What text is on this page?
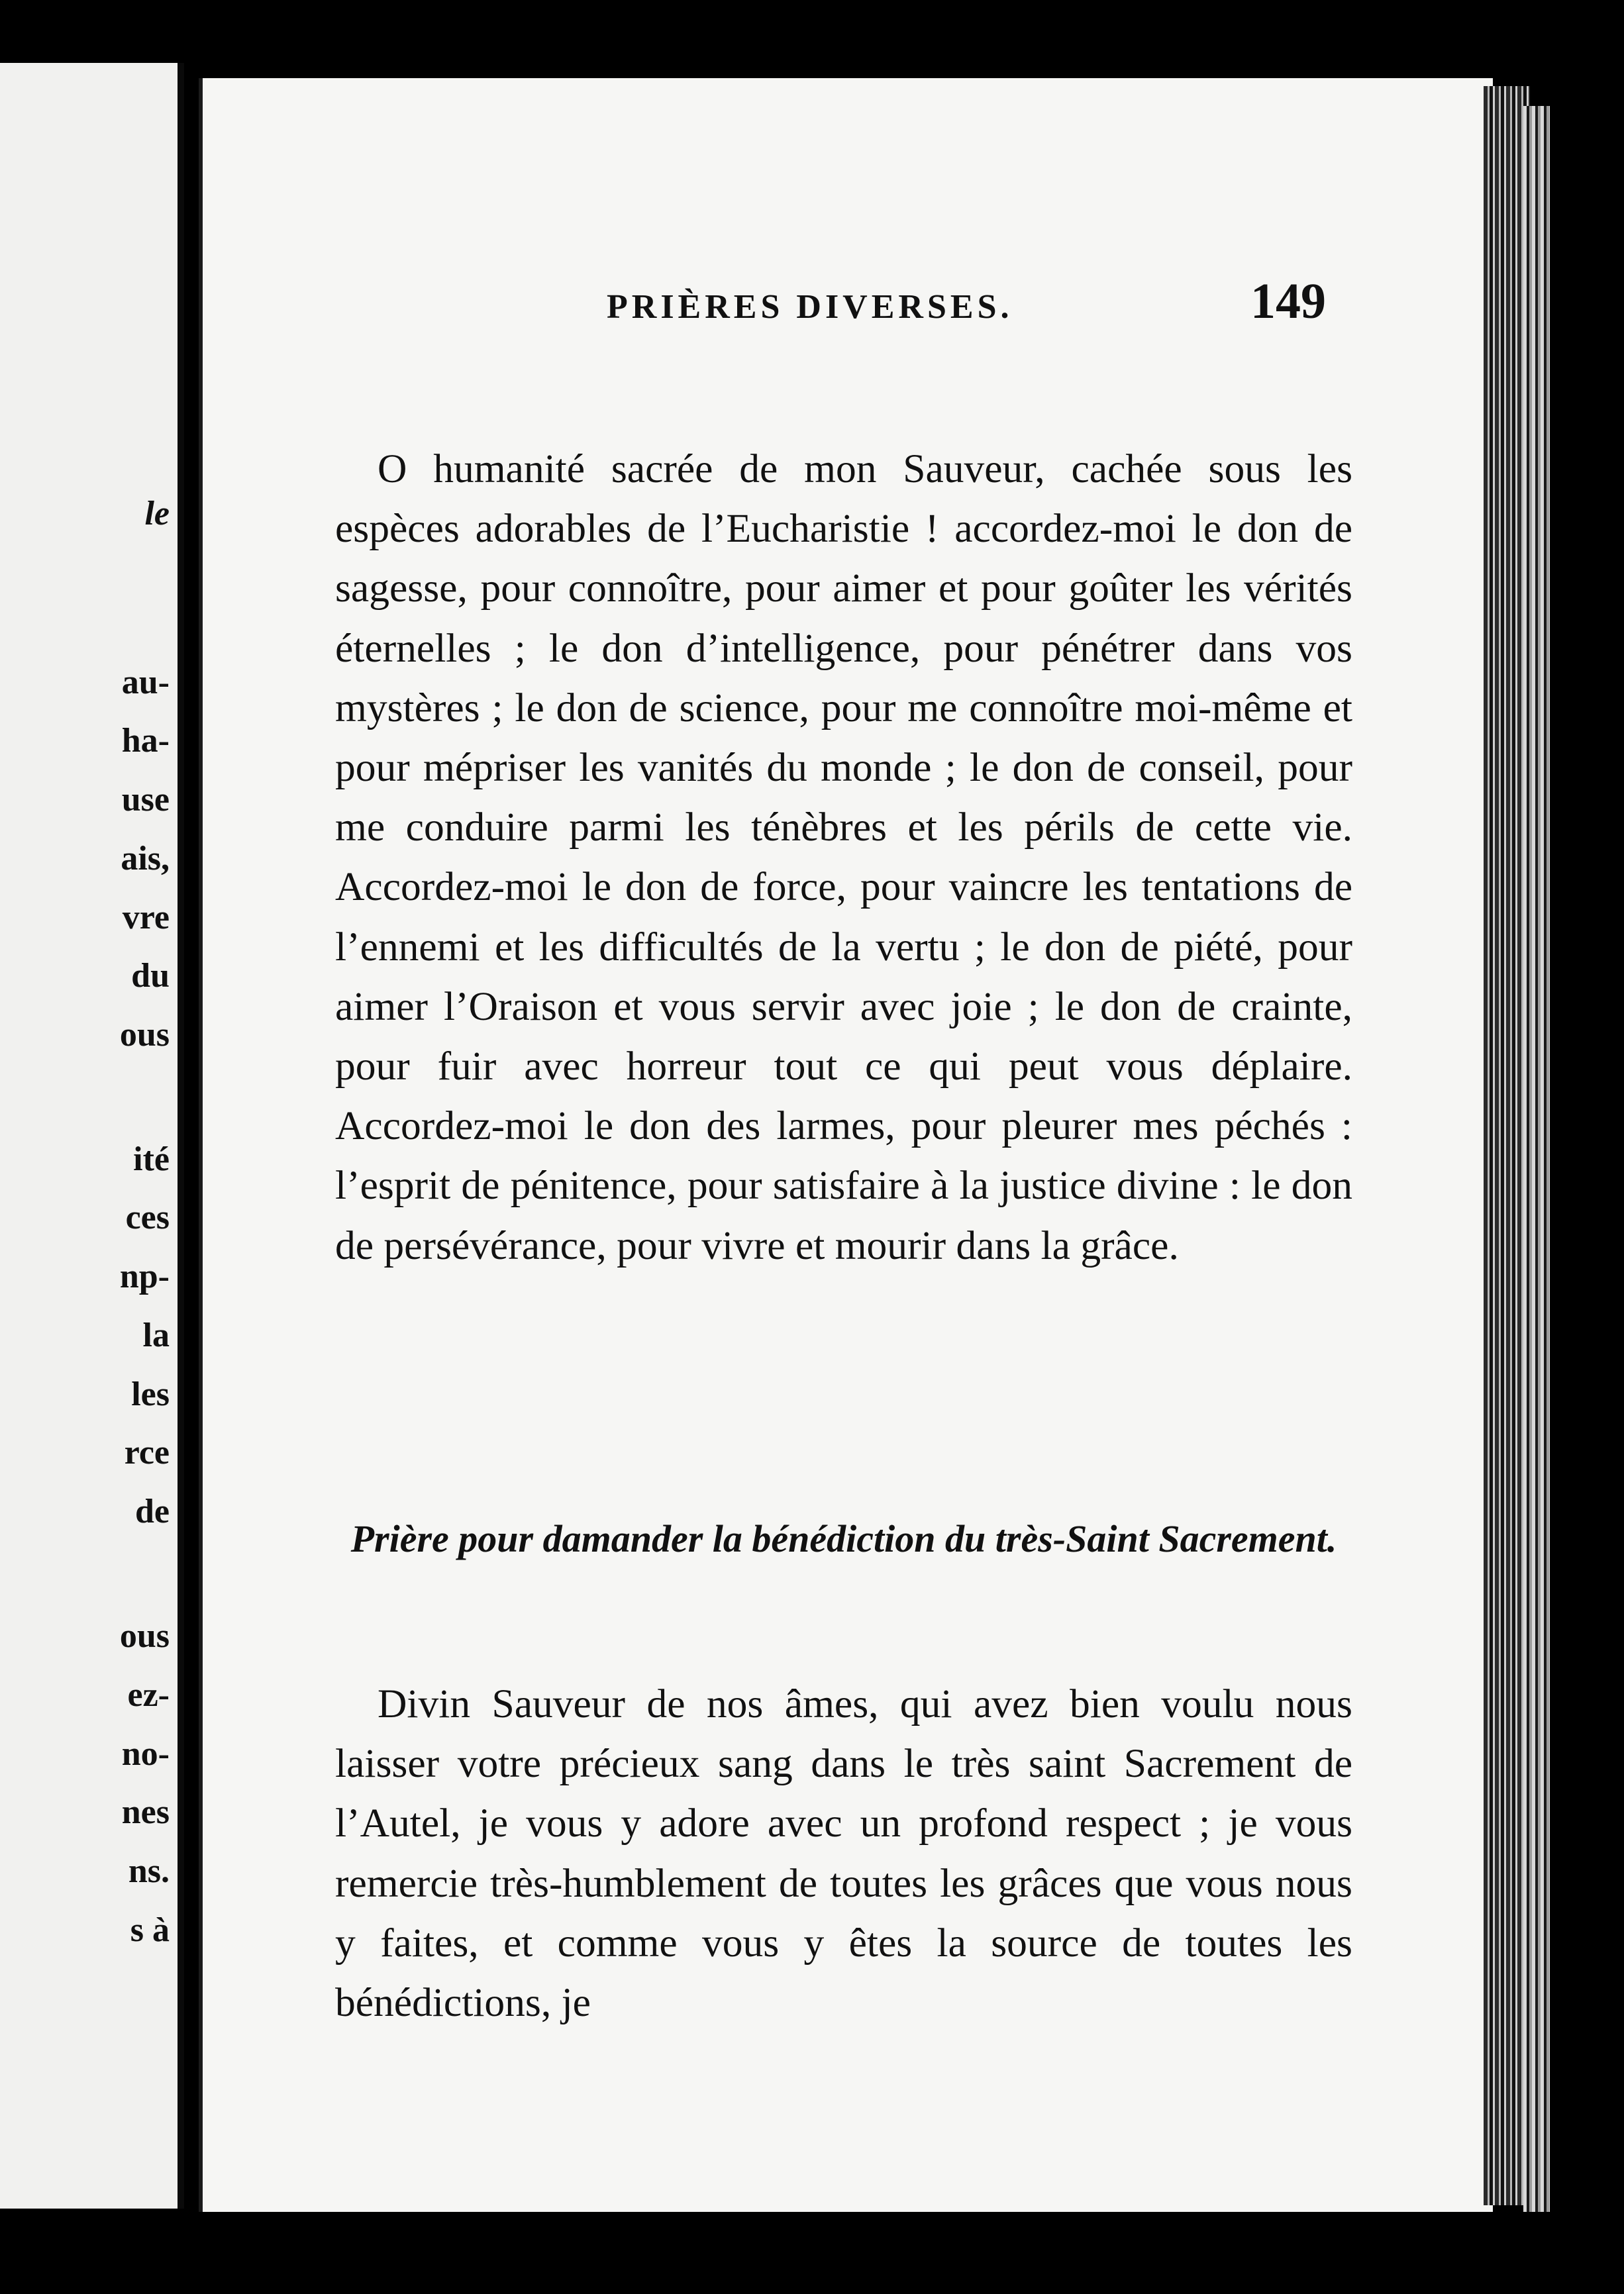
le
au-
ha-
use
ais,
vre
du
ous
ité
ces
np-
la
les
rce
de
ous
ez-
no-
nes
ns.
s à
PRIÈRES DIVERSES.	149

O humanité sacrée de mon Sauveur, cachée sous les espèces adorables de l’Eucharistie ! accordez-moi le don de sagesse, pour connoître, pour aimer et pour goûter les vérités éternelles ; le don d’intelligence, pour pénétrer dans vos mystères ; le don de science, pour me connoître moi-même et pour mépriser les vanités du monde ; le don de conseil, pour me conduire parmi les ténèbres et les périls de cette vie. Accordez-moi le don de force, pour vaincre les tentations de l’ennemi et les difficultés de la vertu ; le don de piété, pour aimer l’Oraison et vous servir avec joie ; le don de crainte, pour fuir avec horreur tout ce qui peut vous déplaire. Accordez-moi le don des larmes, pour pleurer mes péchés : l’esprit de pénitence, pour satisfaire à la justice divine : le don de persévérance, pour vivre et mourir dans la grâce.

Prière pour damander la bénédiction du très-Saint Sacrement.

Divin Sauveur de nos âmes, qui avez bien voulu nous laisser votre précieux sang dans le très saint Sacrement de l’Autel, je vous y adore avec un profond respect ; je vous remercie très-humblement de toutes les grâces que vous nous y faites, et comme vous y êtes la source de toutes les bénédictions, je
